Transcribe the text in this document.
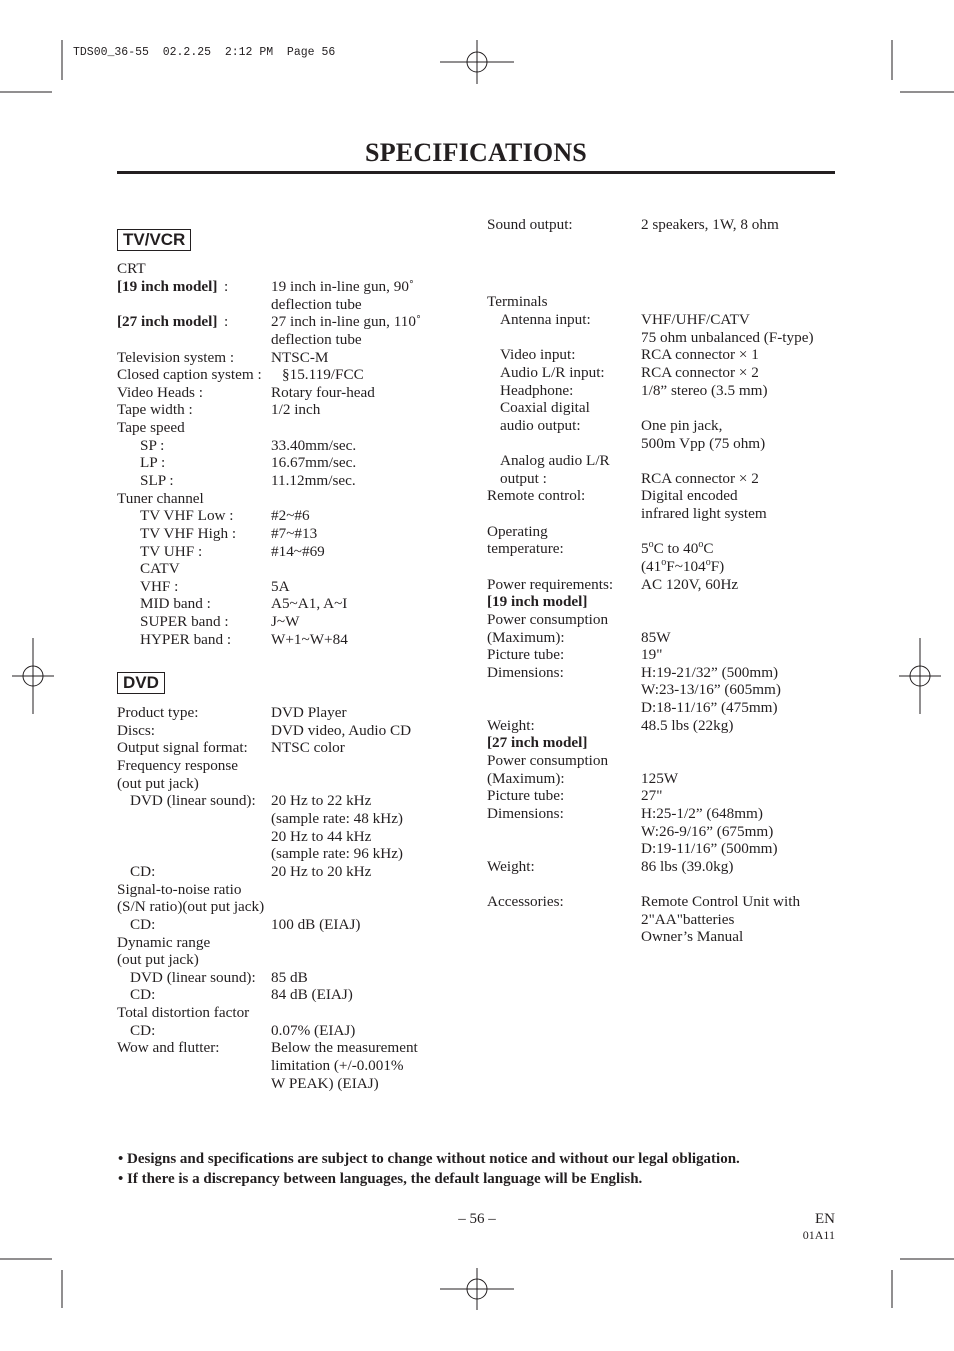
TDS00_36-55  02.2.25  2:12 PM  Page 56
SPECIFICATIONS
TV/VCR
DVD
CRT
[19 inch model] :	19 inch in-line gun, 90˚
deflection tube
[27 inch model] :	27 inch in-line gun, 110˚
deflection tube
Television system : NTSC-M
Closed caption system : §15.119/FCC
Video Heads :	Rotary four-head
Tape width :	1/2 inch
Tape speed
SP :	33.40mm/sec.
LP :	16.67mm/sec.
SLP :	11.12mm/sec.
Tuner channel
TV VHF Low : #2~#6
TV VHF High : #7~#13
TV UHF :	#14~#69
CATV
VHF :	5A
MID band :	A5~A1, A~I
SUPER band :	J~W
HYPER band :	W+1~W+84
Product type:	DVD Player
Discs:	DVD video, Audio CD
Output signal format: NTSC color
Frequency response
(out put jack)
DVD (linear sound): 20 Hz to 22 kHz
(sample rate: 48 kHz)
20 Hz to 44 kHz
(sample rate: 96 kHz)
CD:	20 Hz to 20 kHz
Signal-to-noise ratio
(S/N ratio)(out put jack)
CD:	100 dB (EIAJ)
Dynamic range
(out put jack)
DVD (linear sound): 85 dB
CD:	84 dB (EIAJ)
Total distortion factor
CD:	0.07% (EIAJ)
Wow and flutter:	Below the measurement
limitation (+/-0.001%
W PEAK) (EIAJ)
Sound output:	2 speakers, 1W, 8 ohm
Terminals
Antenna input:	VHF/UHF/CATV
75 ohm unbalanced (F-type)
Video input:	RCA connector × 1
Audio L/R input: RCA connector × 2
Headphone:	1/8” stereo (3.5 mm)
Coaxial digital
audio output:	One pin jack,
500m Vpp (75 ohm)
Analog audio L/R
output :	RCA connector × 2
Remote control:	Digital encoded
infrared light system
Operating
temperature:	5$^o$C to 40$^o$C
(41$^o$F~104$^o$F)
Power requirements: AC 120V, 60Hz
[19 inch model]
Power consumption
(Maximum):	85W
Picture tube:	19"
Dimensions:	H:19-21/32” (500mm)
W:23-13/16” (605mm)
D:18-11/16” (475mm)
Weight:	48.5 lbs (22kg)
[27 inch model]
Power consumption
(Maximum):	125W
Picture tube:	27"
Dimensions:	H:25-1/2” (648mm)
W:26-9/16” (675mm)
D:19-11/16” (500mm)
Weight:	86 lbs (39.0kg)
Accessories:	Remote Control Unit with
2"AA"batteries
Owner’s Manual
• Designs and specifications are subject to change without notice and without our legal obligation.
• If there is a discrepancy between languages, the default language will be English.
– 56 –	EN
01A11
